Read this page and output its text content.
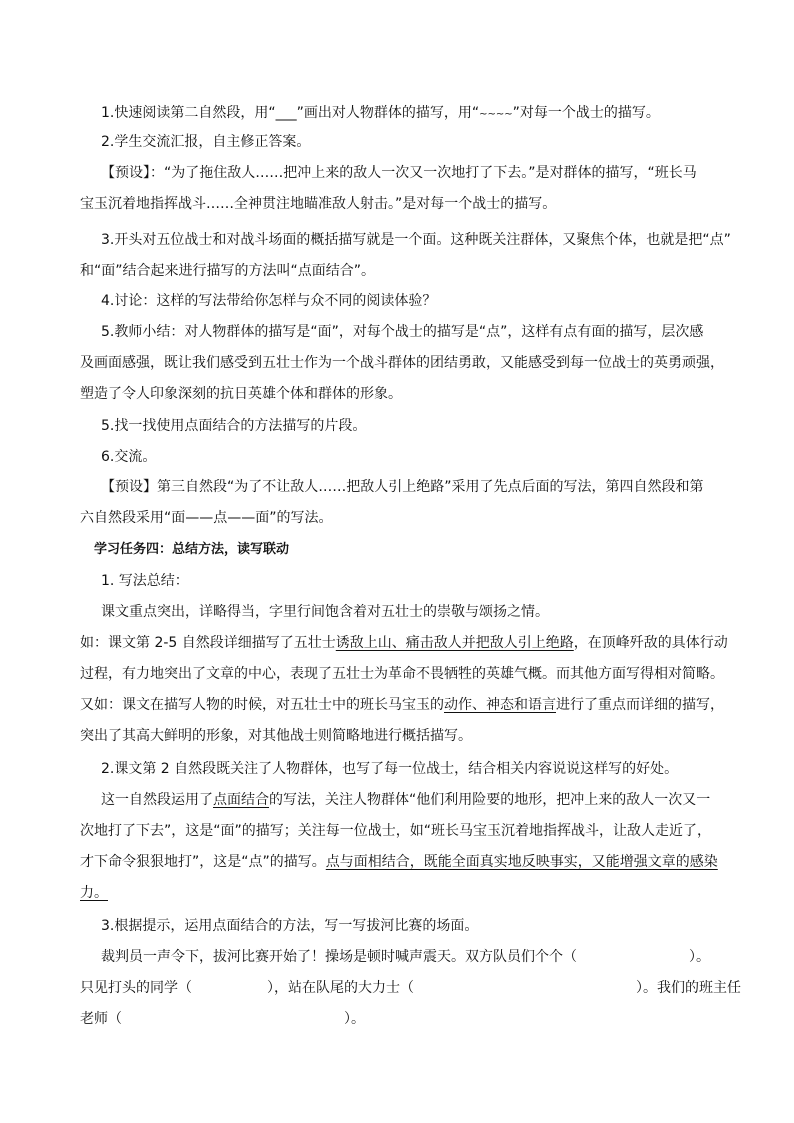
1.快速阅读第二自然段，用“___”画出对人物群体的描写，用“~~~~”对每一个战士的描写。
2.学生交流汇报，自主修正答案。
【预设】：“为了拖住敌人……把冲上来的敌人一次又一次地打了下去。”是对群体的描写，“班长马
宝玉沉着地指挥战斗……全神贯注地瞄准敌人射击。”是对每一个战士的描写。
3.开头对五位战士和对战斗场面的概括描写就是一个面。这种既关注群体，又聚焦个体，也就是把“点”
和“面”结合起来进行描写的方法叫“点面结合”。
4.讨论：这样的写法带给你怎样与众不同的阅读体验？
5.教师小结：对人物群体的描写是“面”，对每个战士的描写是“点”，这样有点有面的描写，层次感
及画面感强，既让我们感受到五壮士作为一个战斗群体的团结勇敢，又能感受到每一位战士的英勇顽强，
塑造了令人印象深刻的抗日英雄个体和群体的形象。
5.找一找使用点面结合的方法描写的片段。
6.交流。
【预设】第三自然段“为了不让敌人……把敌人引上绝路”采用了先点后面的写法，第四自然段和第
六自然段采用“面——点——面”的写法。
学习任务四：总结方法，读写联动
1. 写法总结：
课文重点突出，详略得当，字里行间饱含着对五壮士的崇敬与颂扬之情。
如：课文第 2-5 自然段详细描写了五壮士诱敌上山、痛击敌人并把敌人引上绝路，在顶峰歼敌的具体行动
过程，有力地突出了文章的中心，表现了五壮士为革命不畏牺牲的英雄气概。而其他方面写得相对简略。
又如：课文在描写人物的时候，对五壮士中的班长马宝玉的动作、神态和语言进行了重点而详细的描写，
突出了其高大鲜明的形象，对其他战士则简略地进行概括描写。
2.课文第 2 自然段既关注了人物群体，也写了每一位战士，结合相关内容说说这样写的好处。
这一自然段运用了点面结合的写法，关注人物群体“他们利用险要的地形，把冲上来的敌人一次又一
次地打了下去”，这是“面”的描写；关注每一位战士，如“班长马宝玉沉着地指挥战斗，让敌人走近了，
才下命令狠狠地打”，这是“点”的描写。点与面相结合，既能全面真实地反映事实，又能增强文章的感染
力。
3.根据提示，运用点面结合的方法，写一写拔河比赛的场面。
裁判员一声令下，拔河比赛开始了！操场是顿时喊声震天。双方队员们个个（	）。
只见打头的同学（	），站在队尾的大力士（	）。我们的班主任
老师（	）。
